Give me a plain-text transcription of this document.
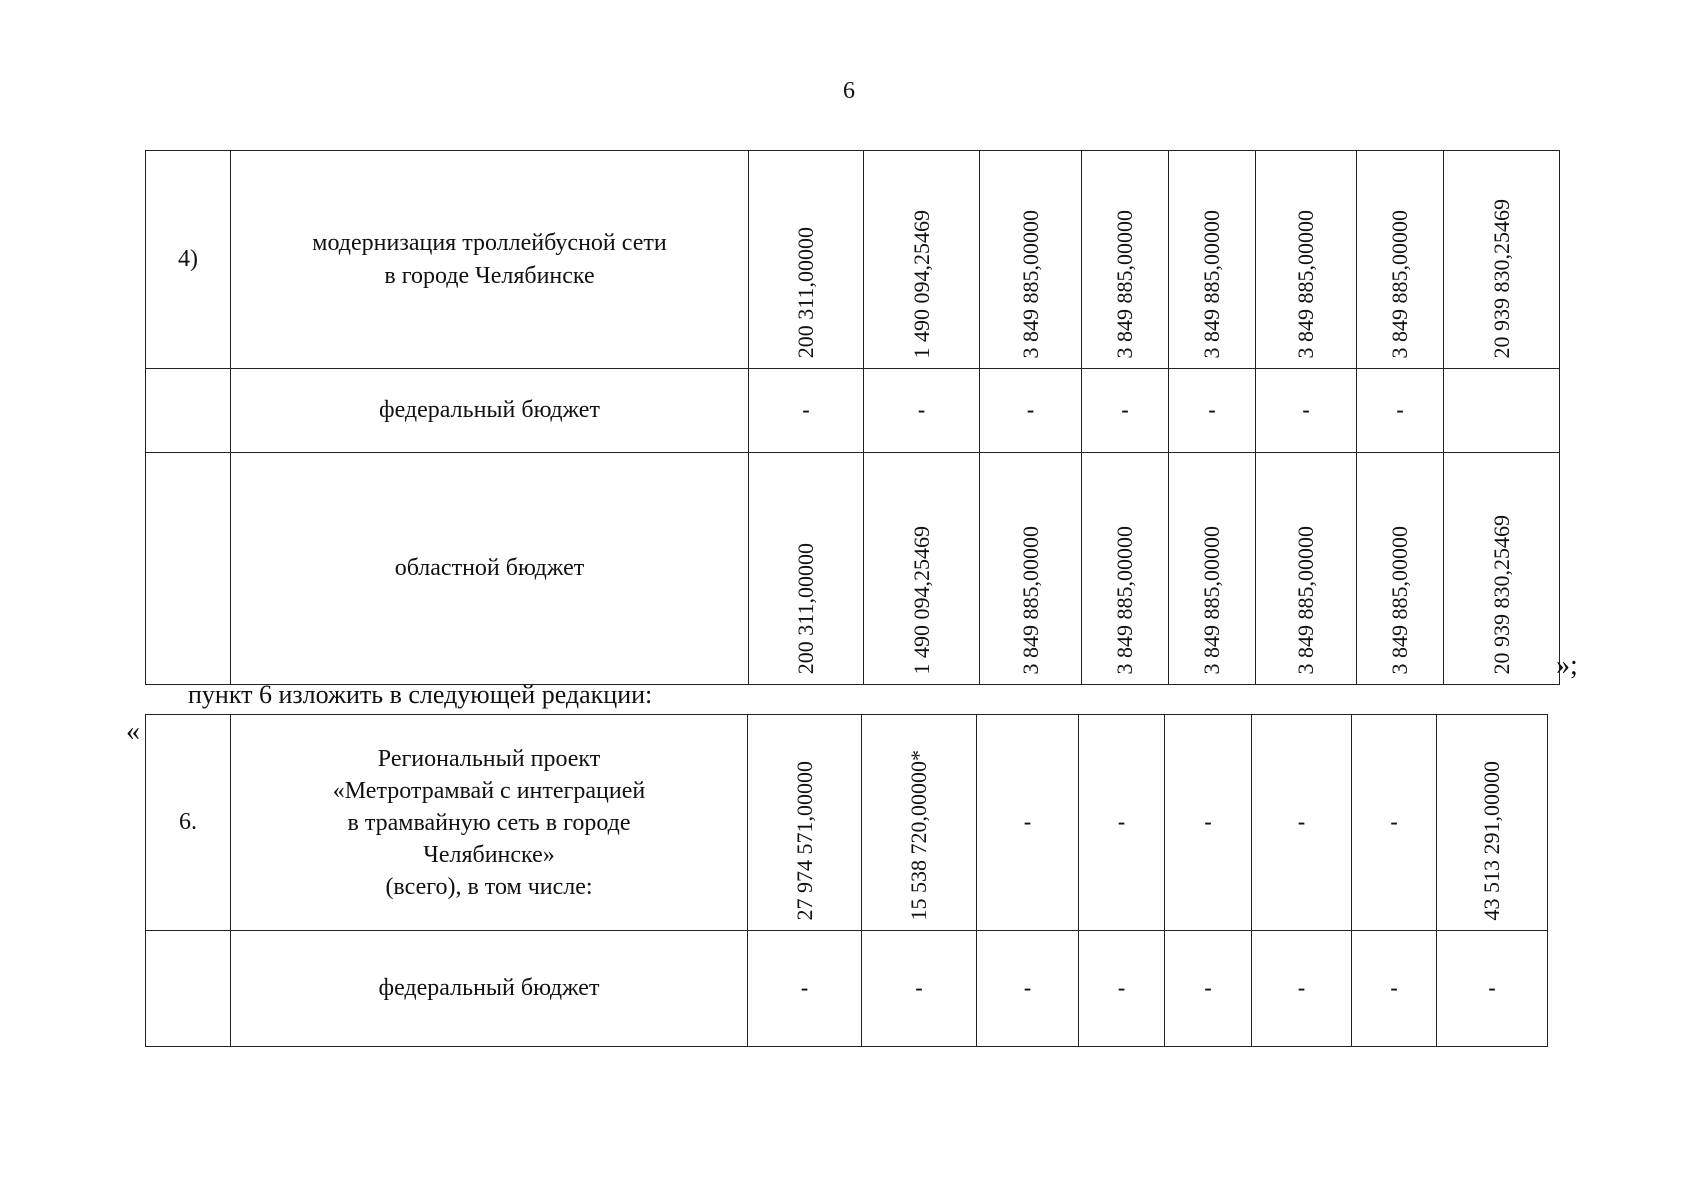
6
4)	модернизация троллейбусной сети
в городе Челябинске	200 311,00000	1 490 094,25469	3 849 885,00000	3 849 885,00000	3 849 885,00000	3 849 885,00000	3 849 885,00000	20 939 830,25469

	федеральный бюджет	-	-	-	-	-	-	-	
	областной бюджет	200 311,00000	1 490 094,25469	3 849 885,00000	3 849 885,00000	3 849 885,00000	3 849 885,00000	3 849 885,00000	20 939 830,25469 »;
пункт 6 изложить в следующей редакции:
«
6.	Региональный проект
«Метротрамвай с интеграцией
в трамвайную сеть в городе
Челябинске»
(всего), в том числе:	27 974 571,00000	15 538 720,00000*	-	-	-	-	-	43 513 291,00000

	федеральный бюджет	-	-	-	-	-	-	-	-
